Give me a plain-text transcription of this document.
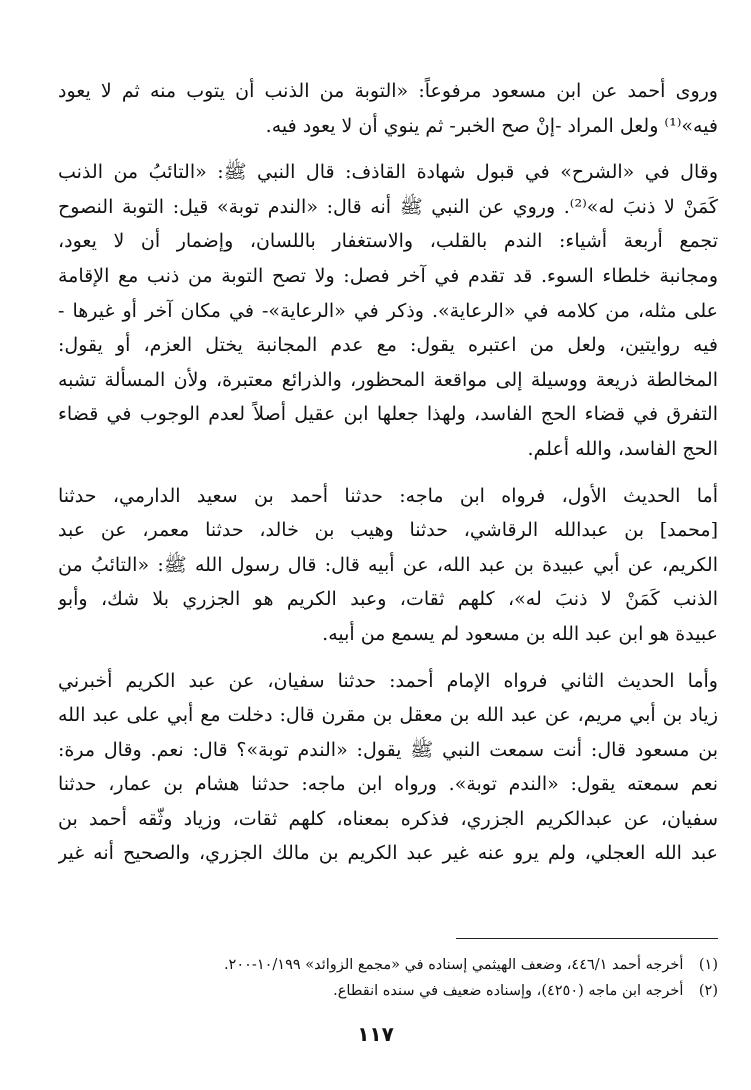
وروى أحمد عن ابن مسعود مرفوعاً: «التوبة من الذنب أن يتوب منه ثم لا يعود
فيه»⁽¹⁾ ولعل المراد -إنْ صح الخبر- ثم ينوي أن لا يعود فيه.
وقال في «الشرح» في قبول شهادة القاذف: قال النبي ﷺ: «التائبُ من الذنب
كَمَنْ لا ذنبَ له»⁽²⁾. وروي عن النبي ﷺ أنه قال: «الندم توبة» قيل: التوبة النصوح
تجمع أربعة أشياء: الندم بالقلب، والاستغفار باللسان، وإضمار أن لا يعود،
ومجانبة خلطاء السوء. قد تقدم في آخر فصل: ولا تصح التوبة من ذنب مع الإقامة
على مثله، من كلامه في «الرعاية». وذكر في «الرعاية»- في مكان آخر أو غيرها -
فيه روايتين، ولعل من اعتبره يقول: مع عدم المجانبة يختل العزم، أو يقول:
المخالطة ذريعة ووسيلة إلى مواقعة المحظور، والذرائع معتبرة، ولأن المسألة تشبه
التفرق في قضاء الحج الفاسد، ولهذا جعلها ابن عقيل أصلاً لعدم الوجوب في قضاء
الحج الفاسد، والله أعلم.
أما الحديث الأول، فرواه ابن ماجه: حدثنا أحمد بن سعيد الدارمي، حدثنا
[محمد] بن عبدالله الرقاشي، حدثنا وهيب بن خالد، حدثنا معمر، عن عبد
الكريم، عن أبي عبيدة بن عبد الله، عن أبيه قال: قال رسول الله ﷺ: «التائبُ من
الذنب كَمَنْ لا ذنبَ له»، كلهم ثقات، وعبد الكريم هو الجزري بلا شك، وأبو
عبيدة هو ابن عبد الله بن مسعود لم يسمع من أبيه.
وأما الحديث الثاني فرواه الإمام أحمد: حدثنا سفيان، عن عبد الكريم أخبرني
زياد بن أبي مريم، عن عبد الله بن معقل بن مقرن قال: دخلت مع أبي على عبد الله
بن مسعود قال: أنت سمعت النبي ﷺ يقول: «الندم توبة»؟ قال: نعم. وقال مرة:
نعم سمعته يقول: «الندم توبة». ورواه ابن ماجه: حدثنا هشام بن عمار، حدثنا
سفيان، عن عبدالكريم الجزري، فذكره بمعناه، كلهم ثقات، وزياد وثّقه أحمد بن
عبد الله العجلي، ولم يرو عنه غير عبد الكريم بن مالك الجزري، والصحيح أنه غير
(١) أخرجه أحمد ٤٤٦/١، وضعف الهيثمي إسناده في «مجمع الزوائد» ١٠/١٩٩-٢٠٠.
(٢) أخرجه ابن ماجه (٤٢٥٠)، وإسناده ضعيف في سنده انقطاع.
١١٧
